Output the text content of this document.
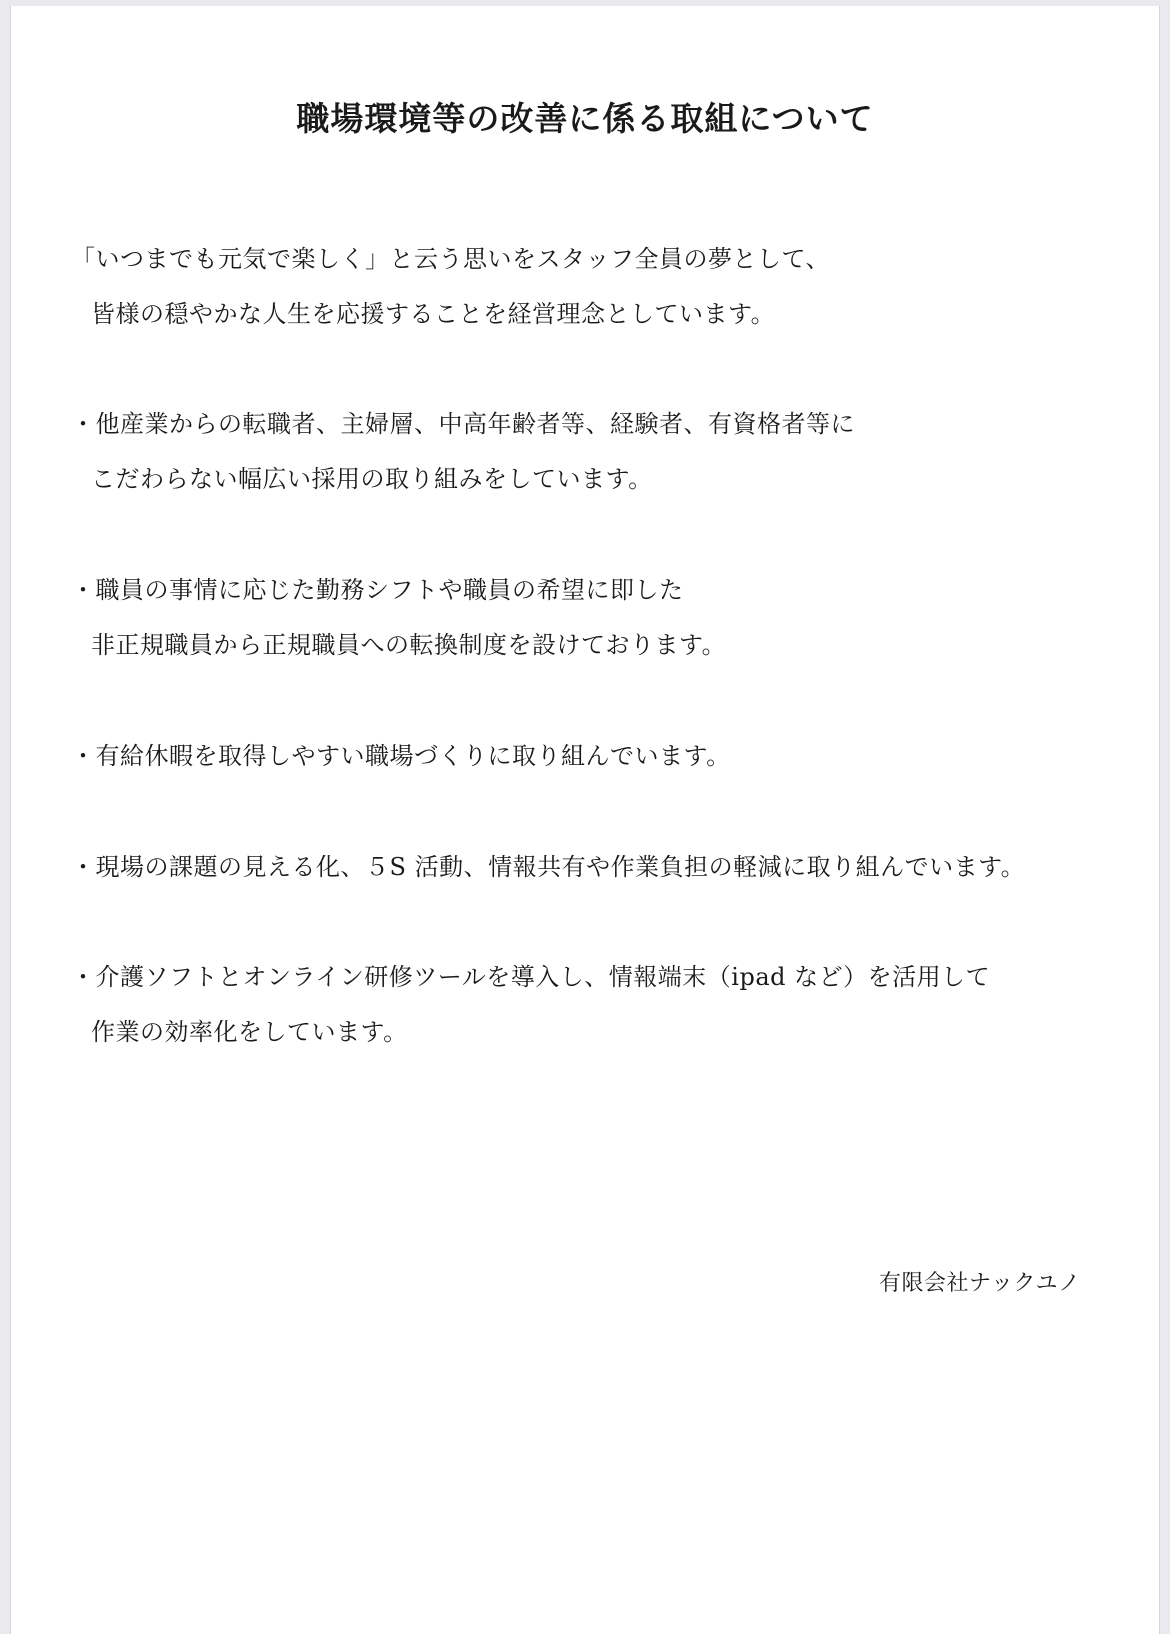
職場環境等の改善に係る取組について
「いつまでも元気で楽しく」と云う思いをスタッフ全員の夢として、
皆様の穏やかな人生を応援することを経営理念としています。
・他産業からの転職者、主婦層、中高年齢者等、経験者、有資格者等に
こだわらない幅広い採用の取り組みをしています。
・職員の事情に応じた勤務シフトや職員の希望に即した
非正規職員から正規職員への転換制度を設けております。
・有給休暇を取得しやすい職場づくりに取り組んでいます。
・現場の課題の見える化、５S 活動、情報共有や作業負担の軽減に取り組んでいます。
・介護ソフトとオンライン研修ツールを導入し、情報端末（ipad など）を活用して
作業の効率化をしています。
有限会社ナックユノ
